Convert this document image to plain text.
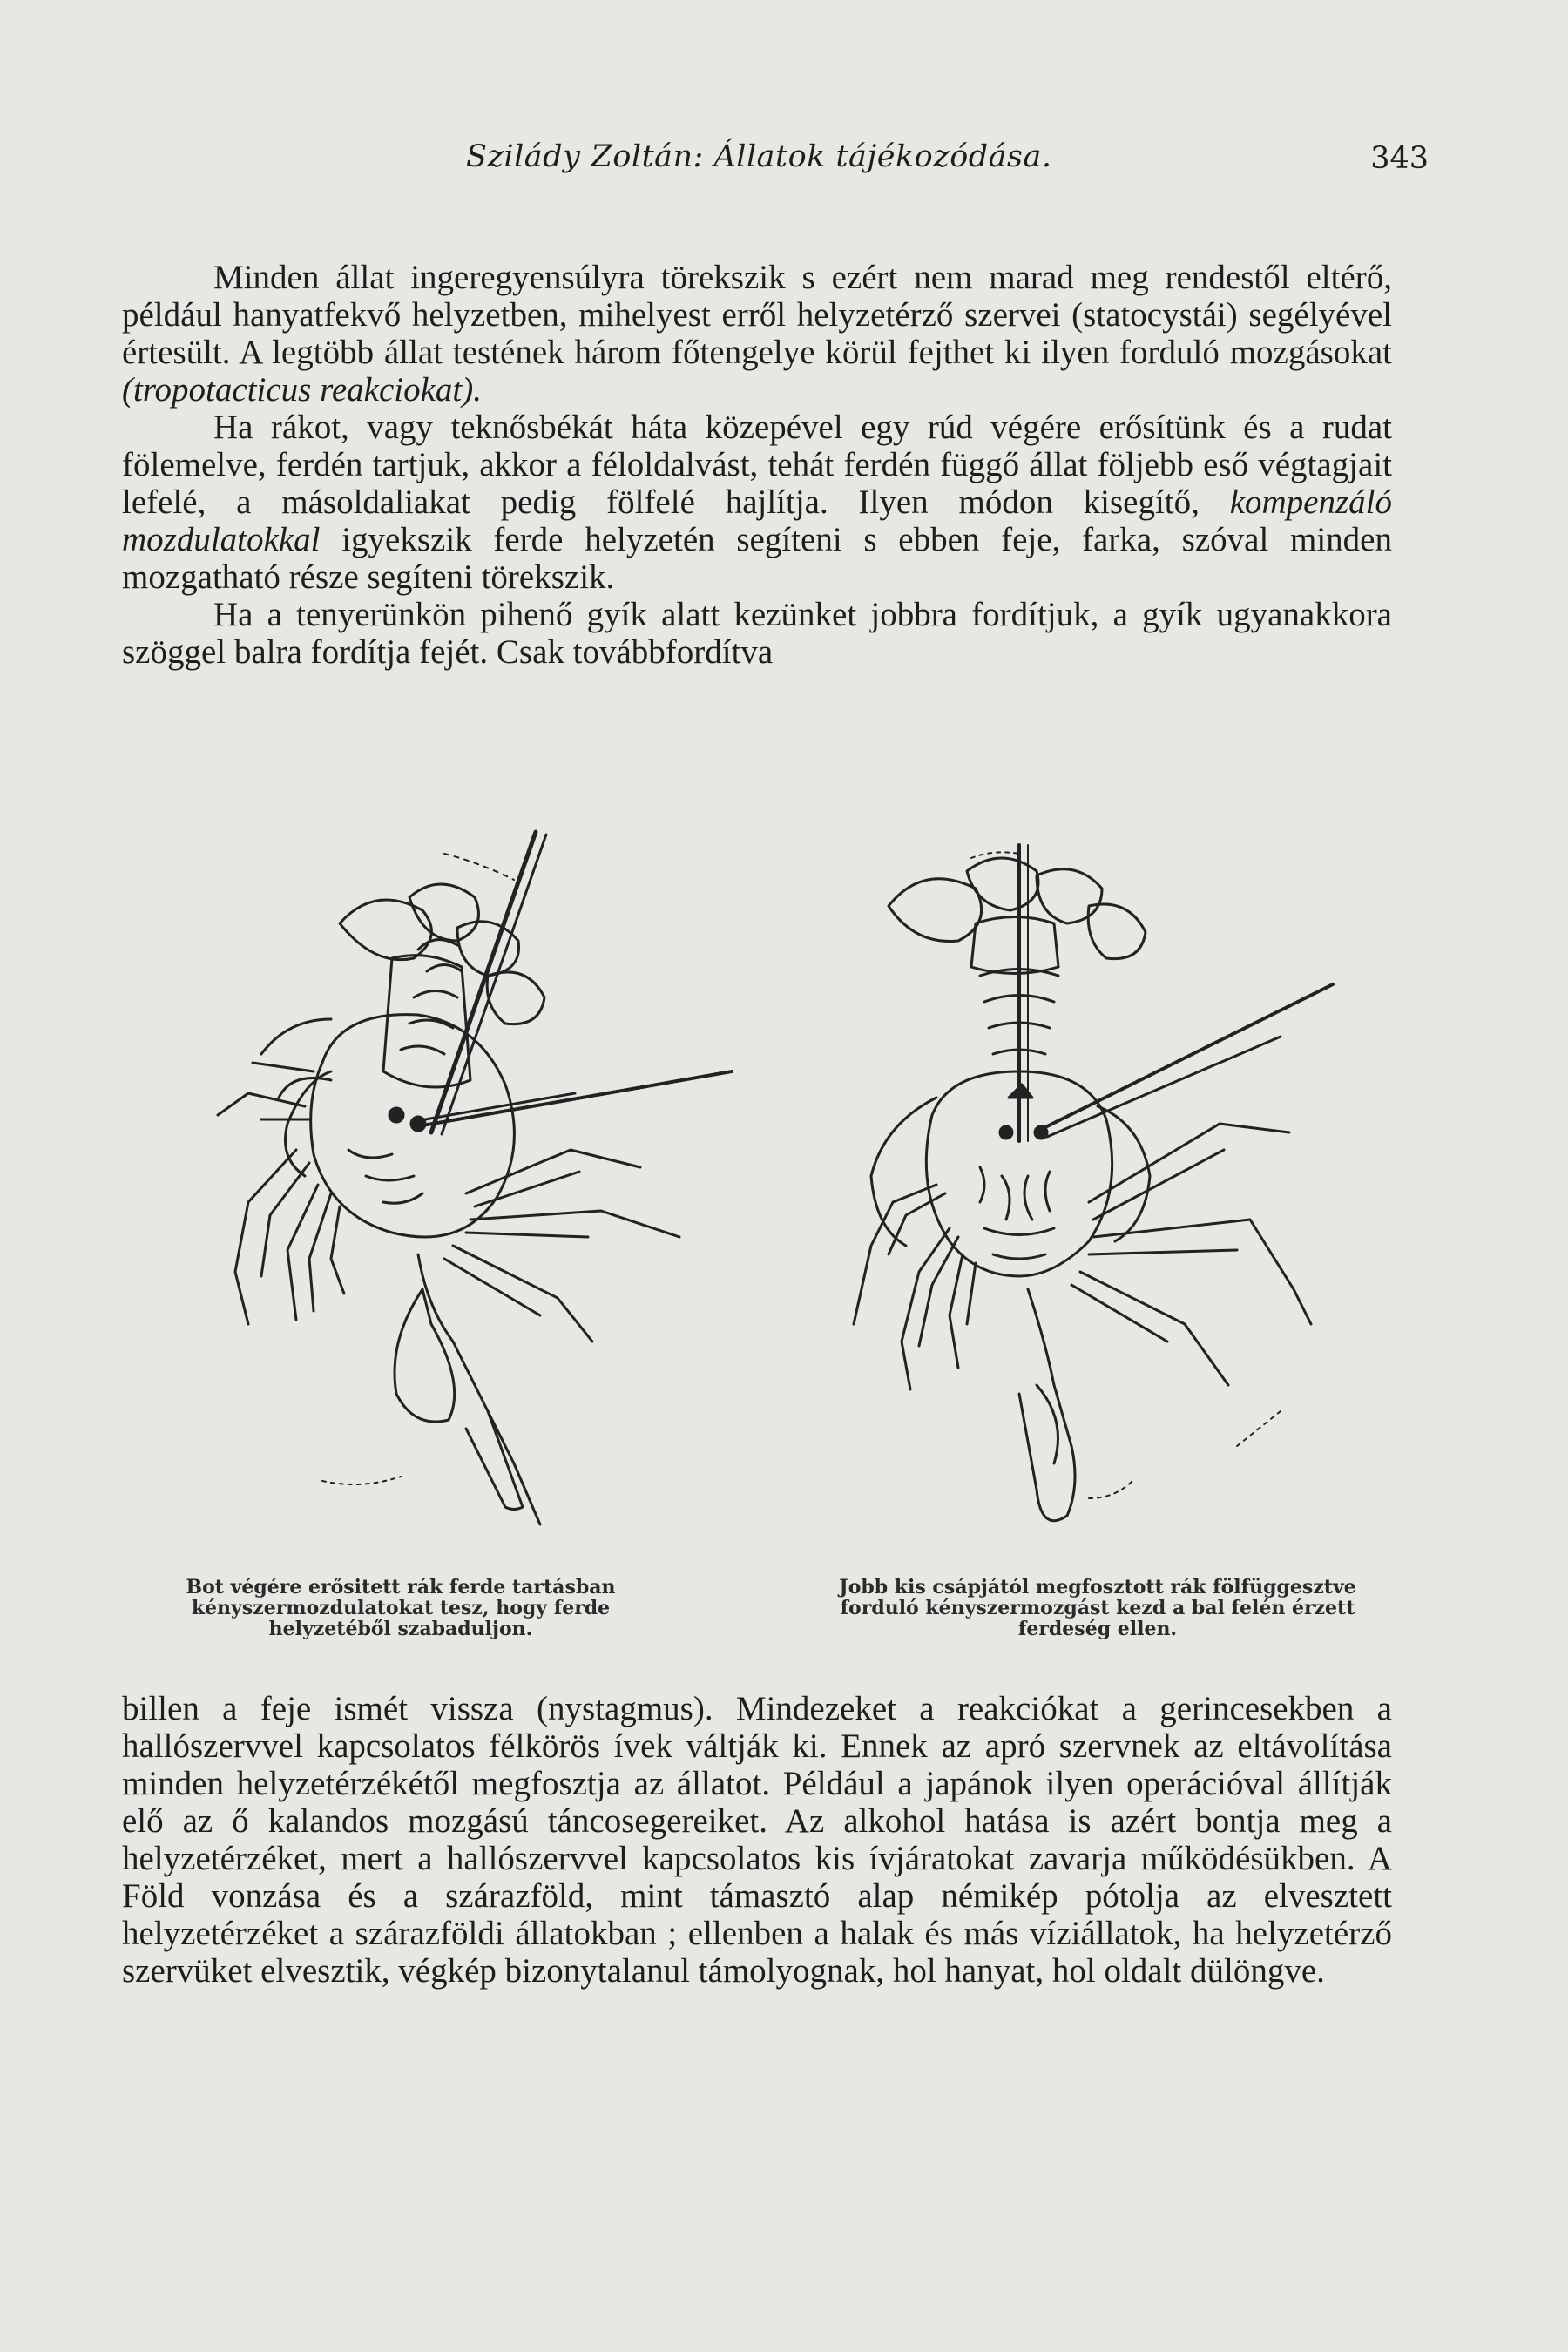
Sziládу Zoltán: Állatok tájékozódása.	343

Minden állat ingeregyensúlyra törekszik s ezért nem marad meg rendestől eltérő, például hanyatfekvő helyzetben, mihelyest erről helyzetérző szervei (statocystái) segélyével értesült. A legtöbb állat testének három főtengelye körül fejthet ki ilyen forduló mozgásokat (tropotacticus reakciokat).

Ha rákot, vagy teknősbékát háta közepével egy rúd végére erősítünk és a rudat fölemelve, ferdén tartjuk, akkor a féloldalvást, tehát ferdén függő állat följebb eső végtagjait lefelé, a másoldaliakat pedig fölfelé hajlítja. Ilyen módon kisegítő, kompenzáló mozdulatokkal igyekszik ferde helyzetén segíteni s ebben feje, farka, szóval minden mozgatható része segíteni törekszik.

Ha a tenyerünkön pihenő gyík alatt kezünket jobbra fordítjuk, a gyík ugyanakkora szöggel balra fordítja fejét. Csak továbbfordítva

Bot végére erősitett rák ferde tartásban kényszermozdulatokat tesz, hogy ferde helyzetéből szabaduljon.
Jobb kis csápjától megfosztott rák fölfüggesztve forduló kényszermozgást kezd a bal felén érzett ferdeség ellen.

billen a feje ismét vissza (nystagmus). Mindezeket a reakciókat a gerincesekben a hallószervvel kapcsolatos félkörös ívek váltják ki. Ennek az apró szervnek az eltávolítása minden helyzetérzékétől megfosztja az állatot. Például a japánok ilyen operációval állítják elő az ő kalandos mozgású táncosegereiket. Az alkohol hatása is azért bontja meg a helyzetérzéket, mert a hallószervvel kapcsolatos kis ívjáratokat zavarja működésükben. A Föld vonzása és a szárazföld, mint támasztó alap némikép pótolja az elvesztett helyzetérzéket a szárazföldi állatokban ; ellenben a halak és más víziállatok, ha helyzetérző szervüket elvesztik, végkép bizonytalanul támolyognak, hol hanyat, hol oldalt dülöngve.
